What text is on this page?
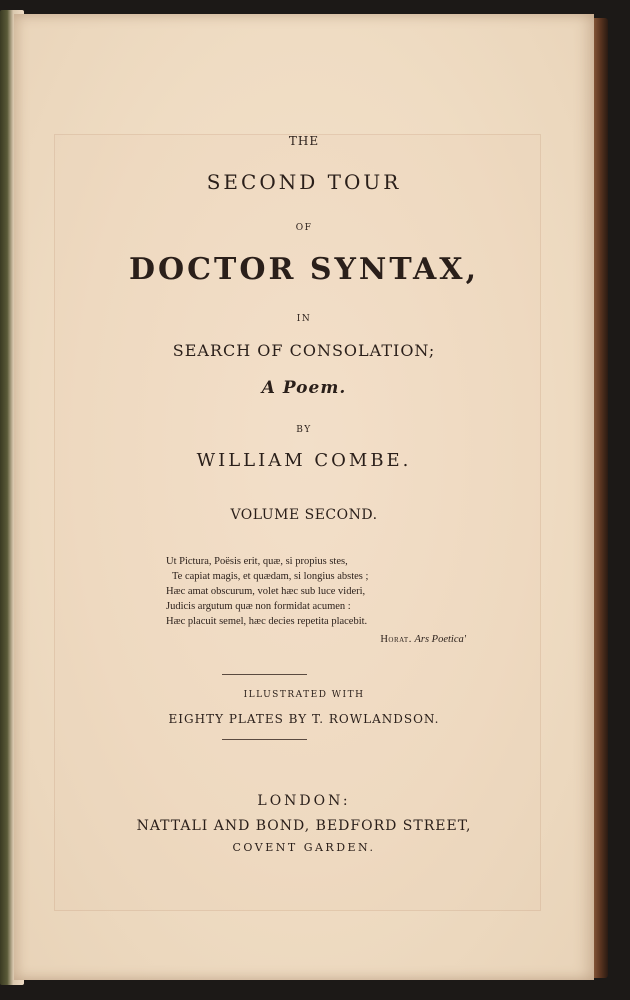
THE
SECOND TOUR
OF
DOCTOR SYNTAX,
IN
SEARCH OF CONSOLATION;
A Poem.
BY
WILLIAM COMBE.
VOLUME SECOND.
Ut Pictura, Poësis erit, quæ, si propius stes,
Te capiat magis, et quædam, si longius abstes ;
Hæc amat obscurum, volet hæc sub luce videri,
Judicis argutum quæ non formidat acumen :
Hæc placuit semel, hæc decies repetita placebit.
Horat. Ars Poetica'
ILLUSTRATED WITH
EIGHTY PLATES BY T. ROWLANDSON.
LONDON:
NATTALI AND BOND, BEDFORD STREET,
COVENT GARDEN.
